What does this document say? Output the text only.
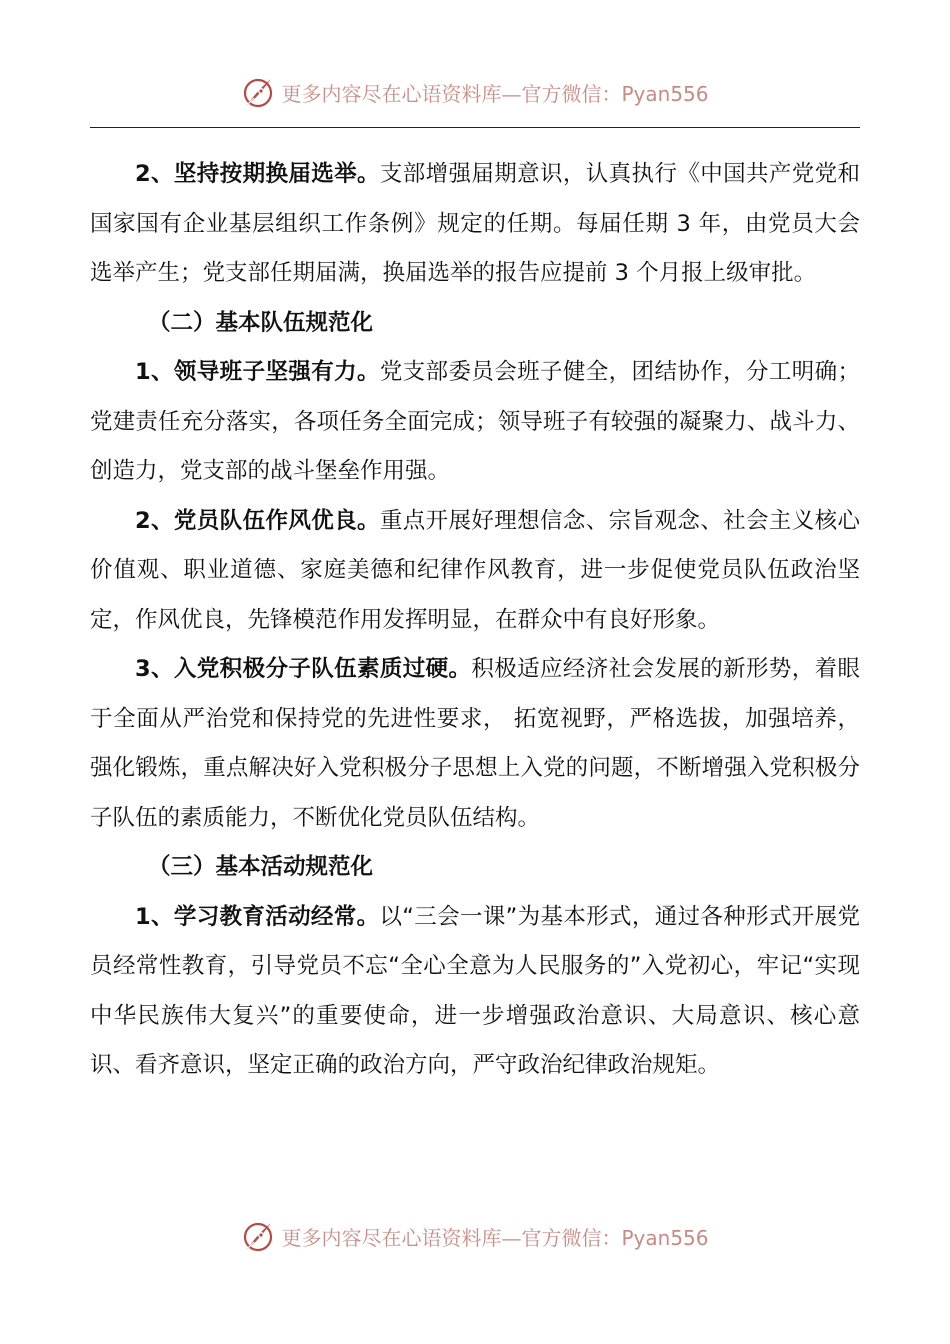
更多内容尽在心语资料库—官方微信：Pyan556

2、坚持按期换届选举。支部增强届期意识，认真执行《中国共产党党和国家国有企业基层组织工作条例》规定的任期。每届任期 3 年，由党员大会选举产生；党支部任期届满，换届选举的报告应提前 3 个月报上级审批。

（二）基本队伍规范化

1、领导班子坚强有力。党支部委员会班子健全，团结协作，分工明确；党建责任充分落实，各项任务全面完成；领导班子有较强的凝聚力、战斗力、创造力，党支部的战斗堡垒作用强。

2、党员队伍作风优良。重点开展好理想信念、宗旨观念、社会主义核心价值观、职业道德、家庭美德和纪律作风教育，进一步促使党员队伍政治坚定，作风优良，先锋模范作用发挥明显，在群众中有良好形象。

3、入党积极分子队伍素质过硬。积极适应经济社会发展的新形势，着眼于全面从严治党和保持党的先进性要求， 拓宽视野，严格选拔，加强培养，强化锻炼，重点解决好入党积极分子思想上入党的问题，不断增强入党积极分子队伍的素质能力，不断优化党员队伍结构。

（三）基本活动规范化

1、学习教育活动经常。以“三会一课”为基本形式，通过各种形式开展党员经常性教育，引导党员不忘“全心全意为人民服务的”入党初心，牢记“实现中华民族伟大复兴”的重要使命，进一步增强政治意识、大局意识、核心意识、看齐意识，坚定正确的政治方向，严守政治纪律政治规矩。

更多内容尽在心语资料库—官方微信：Pyan556
